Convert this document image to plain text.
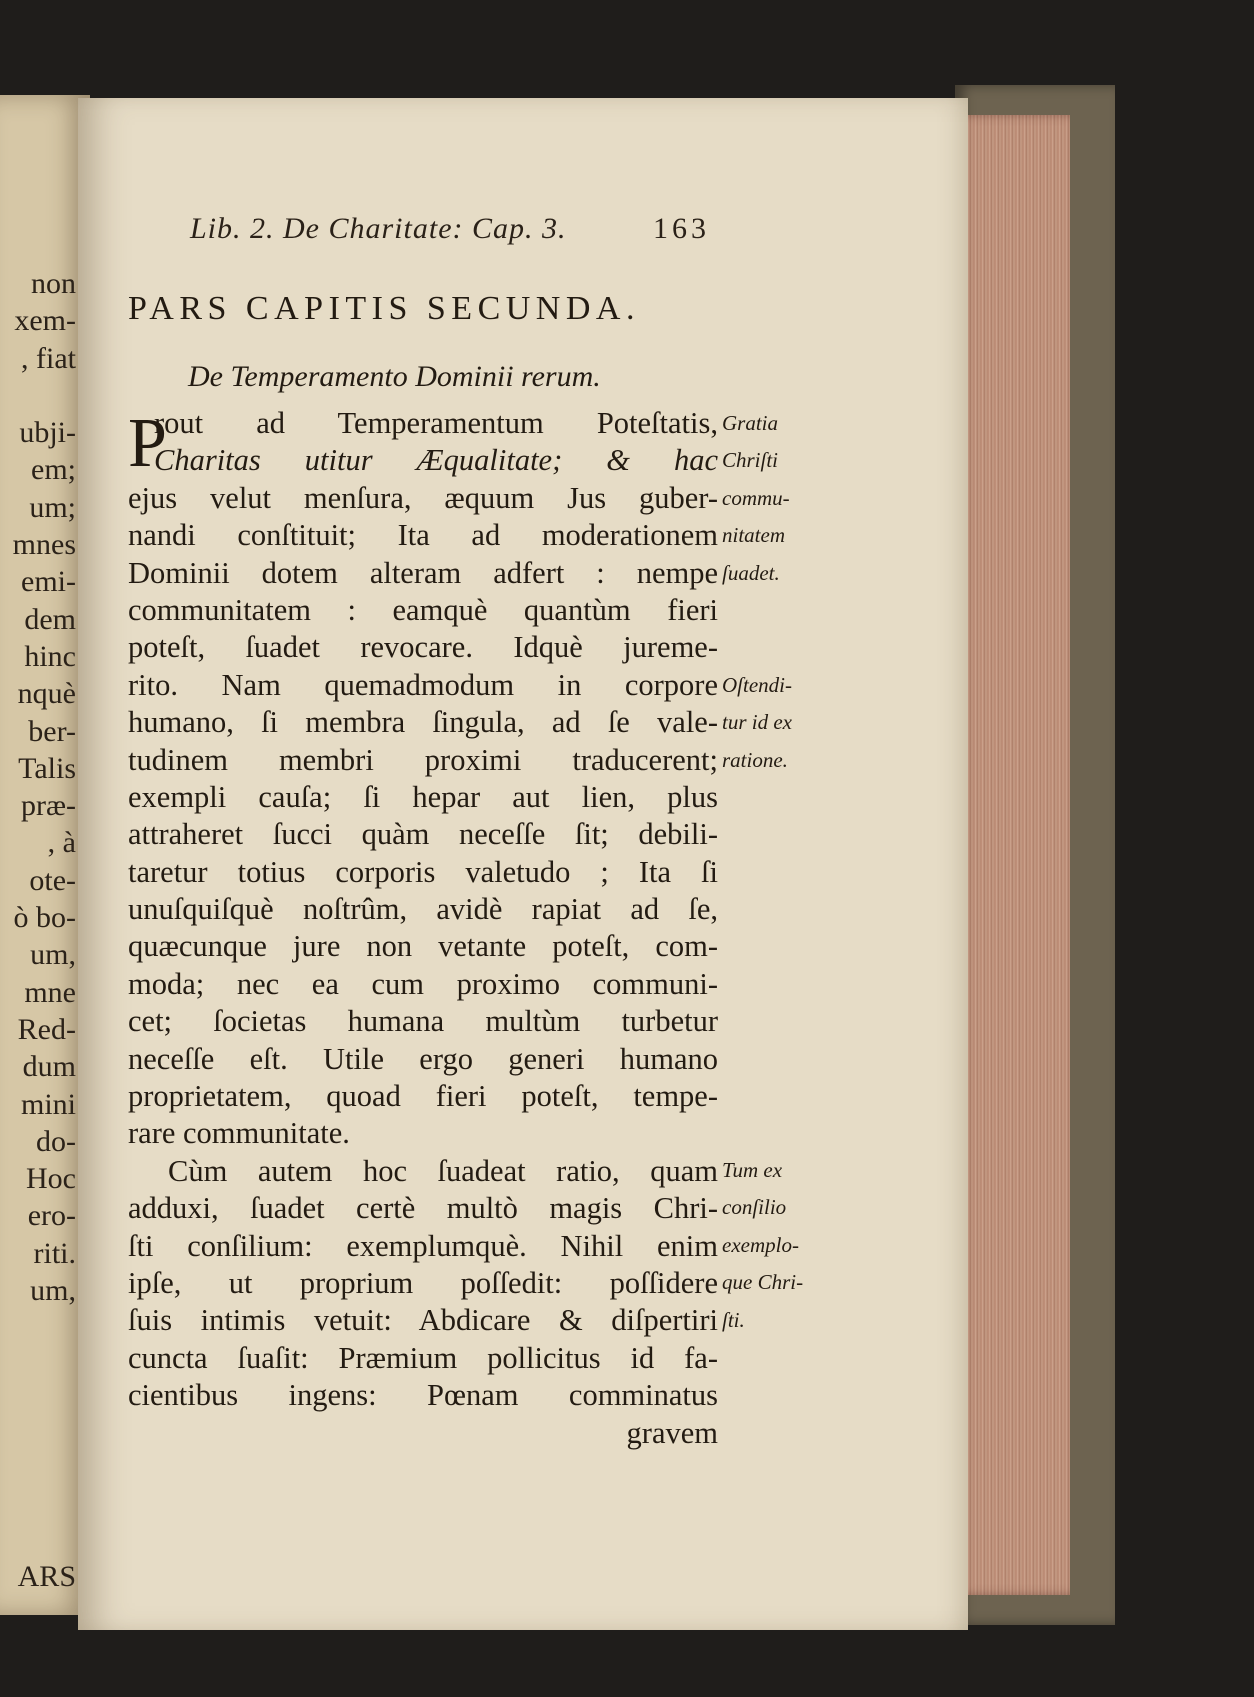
non
xem-
, fiat
ubji-
em;
um;
mnes
emi-
dem
hinc
nquè
ber-
Talis
præ-
, à
ote-
ò bo-
um,
mne
Red-
dum
mini
do-
Hoc
ero-
riti.
um,
ARS
Lib. 2. De Charitate: Cap. 3.	163
PARS CAPITIS SECUNDA.
De Temperamento Dominii rerum.
P
rout ad Temperamentum Poteſtatis,
Charitas utitur Æqualitate; & hac
ejus velut menſura, æquum Jus guber-
nandi conſtituit; Ita ad moderationem
Dominii dotem alteram adfert : nempe
communitatem : eamquè quantùm fieri
poteſt, ſuadet revocare. Idquè jureme-
rito. Nam quemadmodum in corpore
humano, ſi membra ſingula, ad ſe vale-
tudinem membri proximi traducerent;
exempli cauſa; ſi hepar aut lien, plus
attraheret ſucci quàm neceſſe ſit; debili-
taretur totius corporis valetudo ; Ita ſi
unuſquiſquè noſtrûm, avidè rapiat ad ſe,
quæcunque jure non vetante poteſt, com-
moda; nec ea cum proximo communi-
cet; ſocietas humana multùm turbetur
neceſſe eſt. Utile ergo generi humano
proprietatem, quoad fieri poteſt, tempe-
rare communitate.
Cùm autem hoc ſuadeat ratio, quam
adduxi, ſuadet certè multò magis Chri-
ſti conſilium: exemplumquè. Nihil enim
ipſe, ut proprium poſſedit: poſſidere
ſuis intimis vetuit: Abdicare & diſpertiri
cuncta ſuaſit: Præmium pollicitus id fa-
cientibus ingens: Pœnam comminatus
gravem
Gratia
Chriſti
commu-
nitatem
ſuadet.
Oſtendi-
tur id ex
ratione.
Tum ex
conſilio
exemplo-
que Chri-
ſti.
